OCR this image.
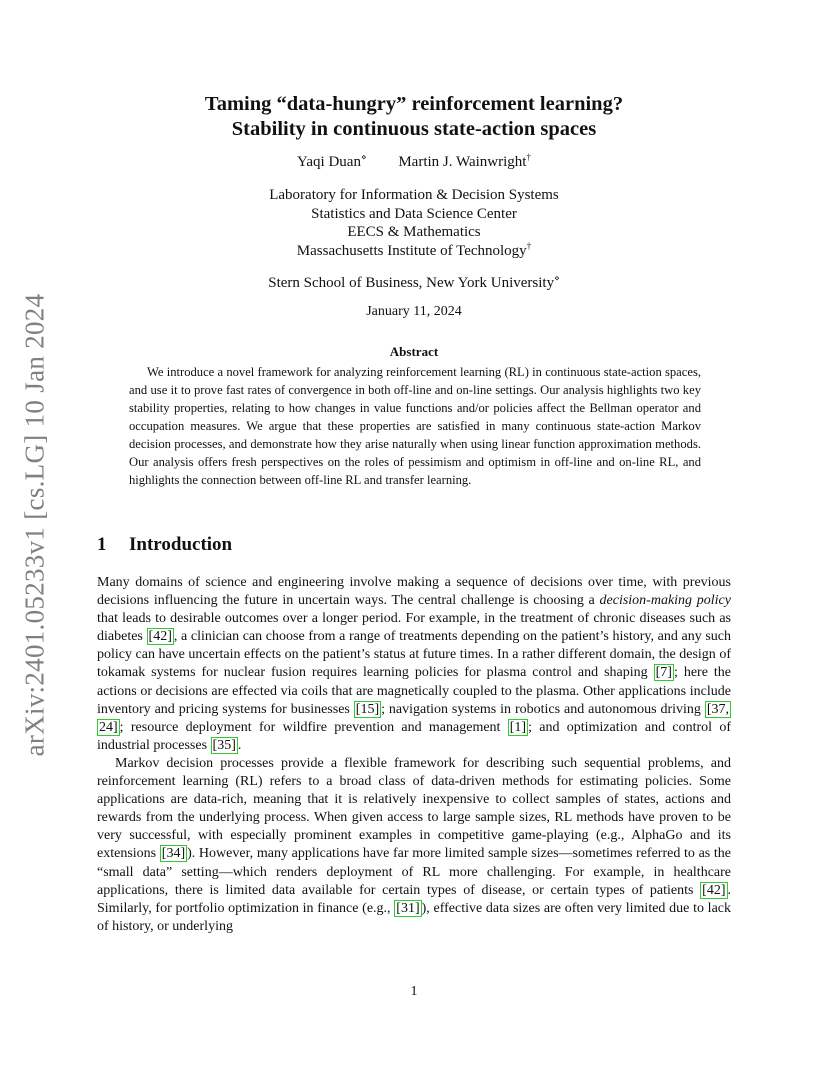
arXiv:2401.05233v1 [cs.LG] 10 Jan 2024
Taming “data-hungry” reinforcement learning?
Stability in continuous state-action spaces
Yaqi Duan⋄ Martin J. Wainwright†
Laboratory for Information & Decision Systems
Statistics and Data Science Center
EECS & Mathematics
Massachusetts Institute of Technology†
Stern School of Business, New York University⋄
January 11, 2024
Abstract
We introduce a novel framework for analyzing reinforcement learning (RL) in continuous state-action spaces, and use it to prove fast rates of convergence in both off-line and on-line settings. Our analysis highlights two key stability properties, relating to how changes in value functions and/or policies affect the Bellman operator and occupation measures. We argue that these properties are satisfied in many continuous state-action Markov decision processes, and demonstrate how they arise naturally when using linear function approximation methods. Our analysis offers fresh perspectives on the roles of pessimism and optimism in off-line and on-line RL, and highlights the connection between off-line RL and transfer learning.
1 Introduction

Many domains of science and engineering involve making a sequence of decisions over time, with previous decisions influencing the future in uncertain ways. The central challenge is choosing a decision-making policy that leads to desirable outcomes over a longer period. For example, in the treatment of chronic diseases such as diabetes [42] , a clinician can choose from a range of treatments depending on the patient’s history, and any such policy can have uncertain effects on the patient’s status at future times. In a rather different domain, the design of tokamak systems for nuclear fusion requires learning policies for plasma control and shaping [7] ; here the actions or decisions are effected via coils that are magnetically coupled to the plasma. Other applications include inventory and pricing systems for businesses [15] ; navigation systems in robotics and autonomous driving [37, 24] ; resource deployment for wildfire prevention and management [1] ; and optimization and control of industrial processes [35] .

Markov decision processes provide a flexible framework for describing such sequential problems, and reinforcement learning (RL) refers to a broad class of data-driven methods for estimating policies. Some applications are data-rich, meaning that it is relatively inexpensive to collect samples of states, actions and rewards from the underlying process. When given access to large sample sizes, RL methods have proven to be very successful, with especially prominent examples in competitive game-playing (e.g., AlphaGo and its extensions [34] ). However, many applications have far more limited sample sizes—sometimes referred to as the “small data” setting—which renders deployment of RL more challenging. For example, in healthcare applications, there is limited data available for certain types of disease, or certain types of patients [42] . Similarly, for portfolio optimization in finance (e.g., [31] ), effective data sizes are often very limited due to lack of history, or underlying

1
